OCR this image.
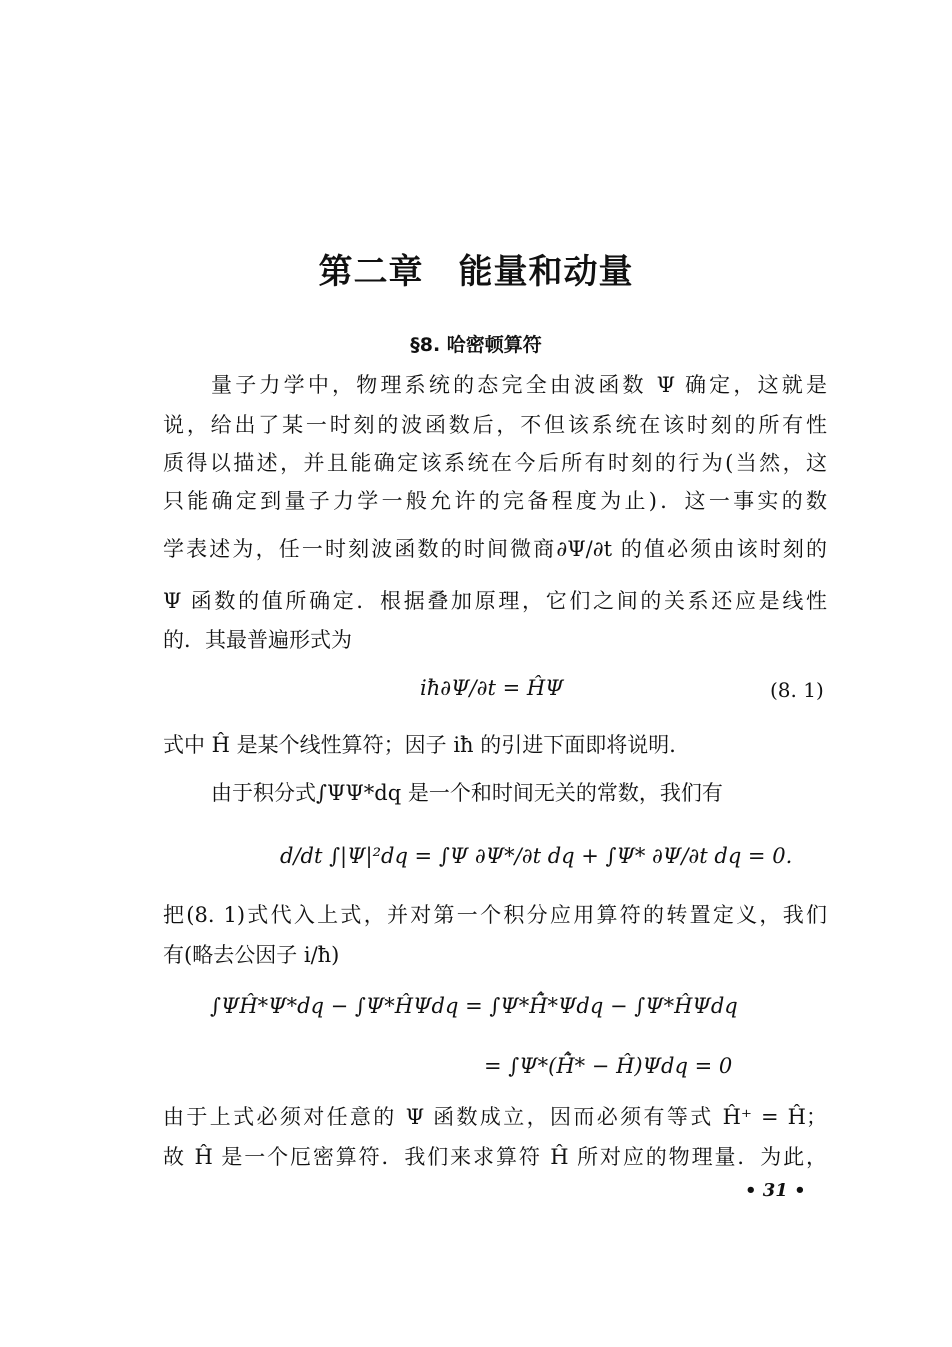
第二章　能量和动量
§8. 哈密顿算符
量子力学中，物理系统的态完全由波函数 Ψ 确定，这就是
说，给出了某一时刻的波函数后，不但该系统在该时刻的所有性
质得以描述，并且能确定该系统在今后所有时刻的行为(当然，这
只能确定到量子力学一般允许的完备程度为止)．这一事实的数
学表述为，任一时刻波函数的时间微商∂Ψ/∂t 的值必须由该时刻的
Ψ 函数的值所确定．根据叠加原理，它们之间的关系还应是线性
的．其最普遍形式为
iħ∂Ψ/∂t = ĤΨ	(8. 1)
式中 Ĥ 是某个线性算符；因子 iħ 的引进下面即将说明．
由于积分式∫ΨΨ*dq 是一个和时间无关的常数，我们有
d/dt ∫|Ψ|²dq = ∫Ψ ∂Ψ*/∂t dq + ∫Ψ* ∂Ψ/∂t dq = 0.
把(8. 1)式代入上式，并对第一个积分应用算符的转置定义，我们
有(略去公因子 i/ħ)
∫ΨĤ*Ψ*dq − ∫Ψ*ĤΨdq = ∫Ψ*H̃̂*Ψdq − ∫Ψ*ĤΨdq
= ∫Ψ*(H̃̂* − Ĥ)Ψdq = 0
由于上式必须对任意的 Ψ 函数成立，因而必须有等式 Ĥ⁺ = Ĥ；
故 Ĥ 是一个厄密算符．我们来求算符 Ĥ 所对应的物理量．为此，
• 31 •
